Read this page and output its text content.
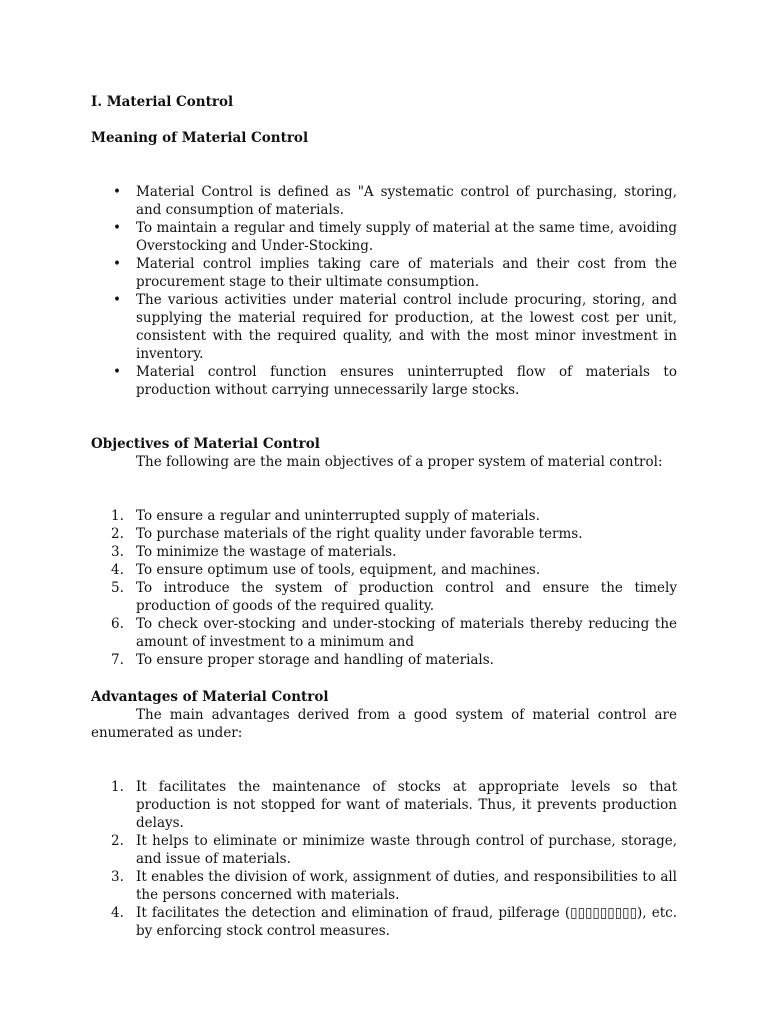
I. Material Control
Meaning of Material Control
• Material Control is defined as "A systematic control of purchasing, storing, and consumption of materials.
• To maintain a regular and timely supply of material at the same time, avoiding Overstocking and Under-Stocking.
• Material control implies taking care of materials and their cost from the procurement stage to their ultimate consumption.
• The various activities under material control include procuring, storing, and supplying the material required for production, at the lowest cost per unit, consistent with the required quality, and with the most minor investment in inventory.
• Material control function ensures uninterrupted flow of materials to production without carrying unnecessarily large stocks.
Objectives of Material Control

The following are the main objectives of a proper system of material control:

1. To ensure a regular and uninterrupted supply of materials.
2. To purchase materials of the right quality under favorable terms.
3. To minimize the wastage of materials.
4. To ensure optimum use of tools, equipment, and machines.
5. To introduce the system of production control and ensure the timely production of goods of the required quality.
6. To check over-stocking and under-stocking of materials thereby reducing the amount of investment to a minimum and
7. To ensure proper storage and handling of materials.
Advantages of Material Control

The main advantages derived from a good system of material control are enumerated as under:

1. It facilitates the maintenance of stocks at appropriate levels so that production is not stopped for want of materials. Thus, it prevents production delays.
2. It helps to eliminate or minimize waste through control of purchase, storage, and issue of materials.
3. It enables the division of work, assignment of duties, and responsibilities to all the persons concerned with materials.
4. It facilitates the detection and elimination of fraud, pilferage (▯▯▯▯▯▯▯▯▯), etc. by enforcing stock control measures.
